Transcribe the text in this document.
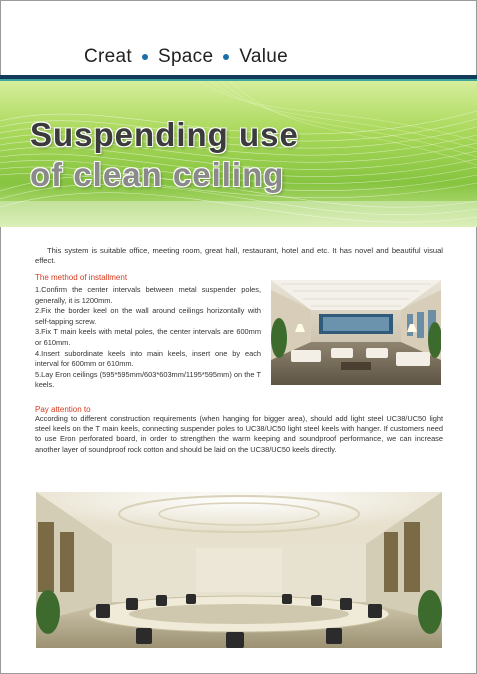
Creat Space Value
Suspending use
of clean ceiling
This system is suitable office, meeting room, great hall, restaurant, hotel and etc. It has novel and beautiful visual effect.
The method of installment

1.Confirm the center intervals between metal suspender poles, generally, it is 1200mm.

2.Fix the border keel on the wall around ceilings horizontally with self-tapping screw.

3.Fix T main keels with metal poles, the center intervals are 600mm or 610mm.

4.Insert subordinate keels into main keels, insert one by each interval for 600mm or 610mm.

5.Lay Eron ceilings (595*595mm/603*603mm/1195*595mm) on the T keels.

Pay attention to
According to different construction requirements (when hanging for bigger area), should add light steel UC38/UC50 light steel keels on the T main keels, connecting suspender poles to UC38/UC50 light steel keels with hanger. If customers need to use Eron perforated board, in order to strengthen the warm keeping and soundproof performance, we can increase another layer of soundproof rock cotton and should be laid on the UC38/UC50 keels directly.
